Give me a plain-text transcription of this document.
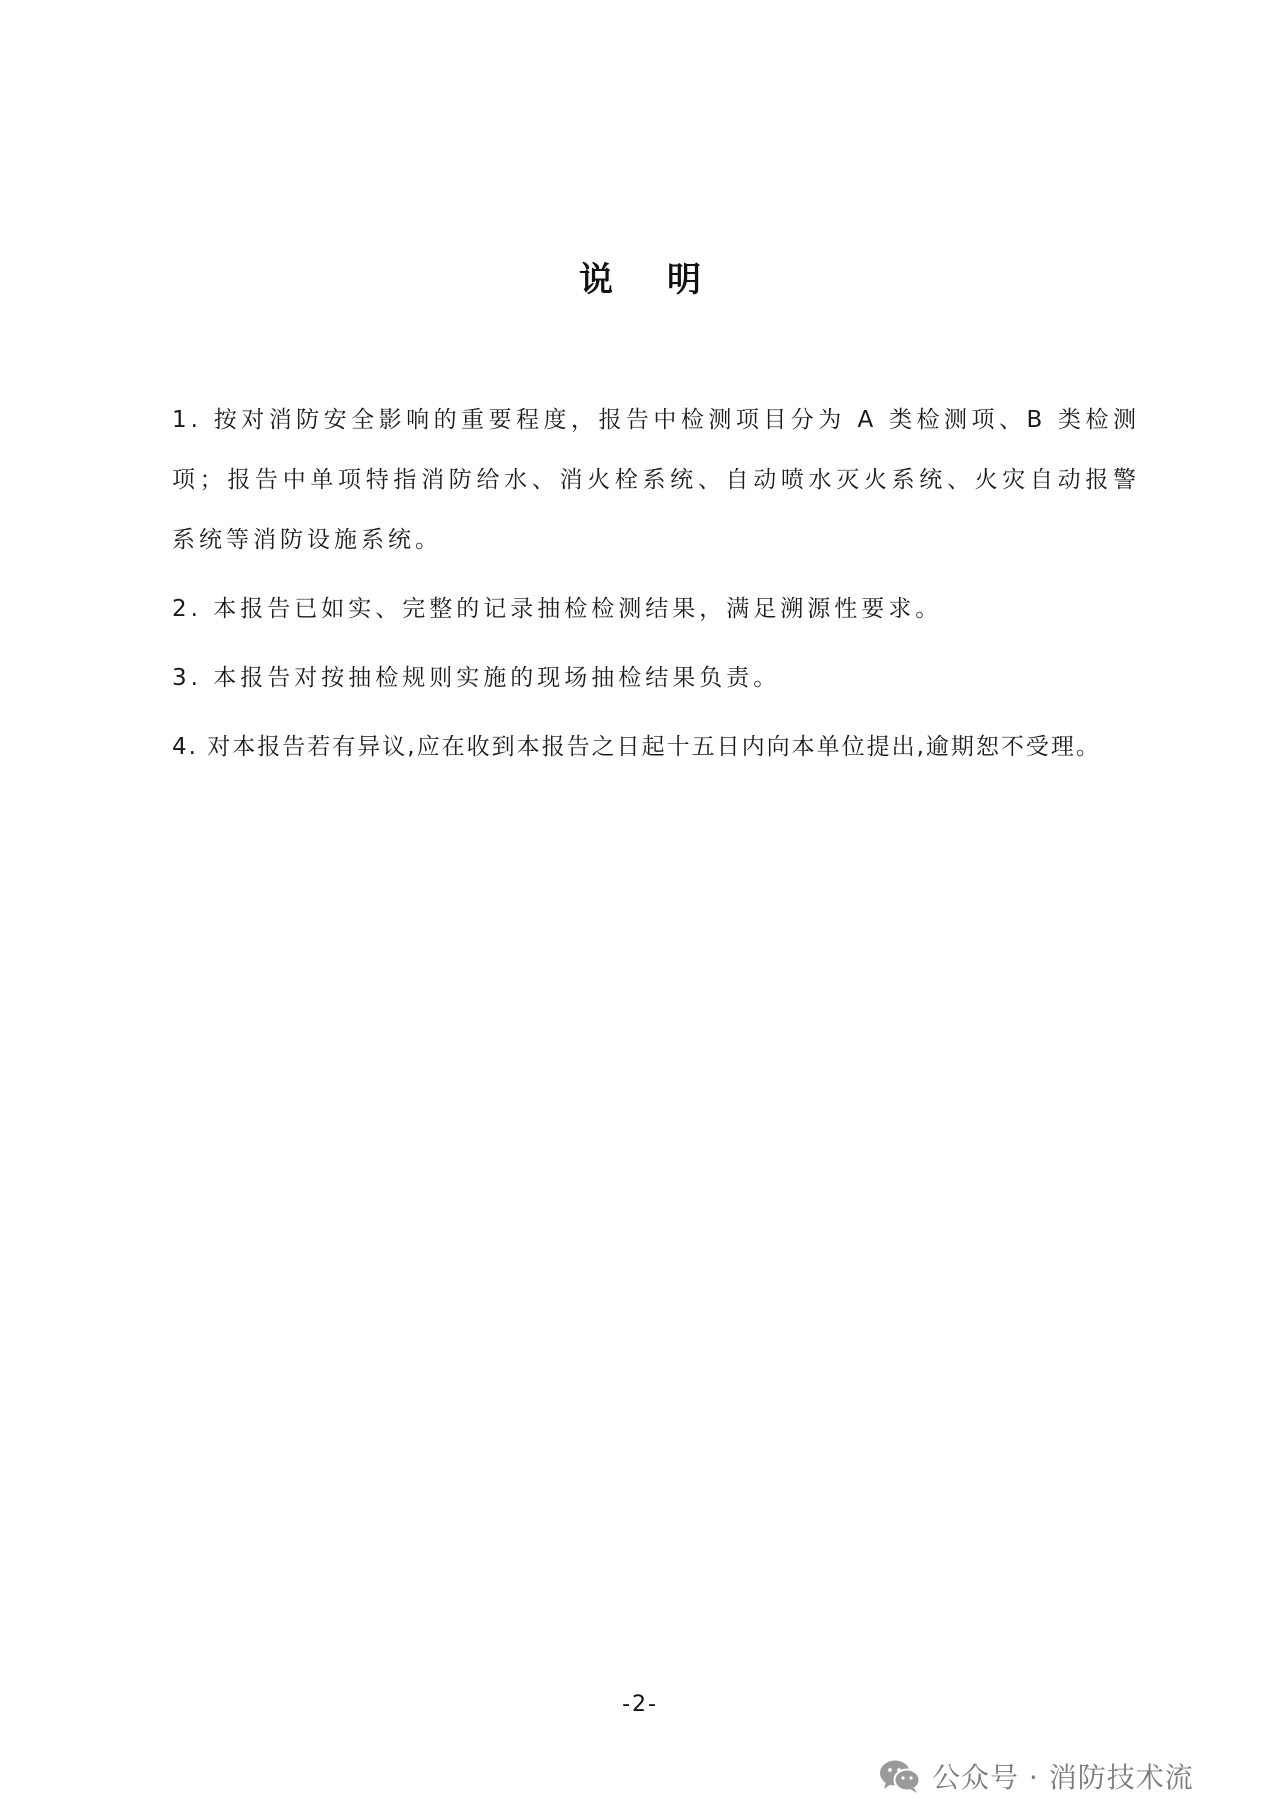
说 明

1. 按对消防安全影响的重要程度，报告中检测项目分为 A 类检测项、B 类检测项；报告中单项特指消防给水、消火栓系统、自动喷水灭火系统、火灾自动报警系统等消防设施系统。

2. 本报告已如实、完整的记录抽检检测结果，满足溯源性要求。

3. 本报告对按抽检规则实施的现场抽检结果负责。

4. 对本报告若有异议,应在收到本报告之日起十五日内向本单位提出,逾期恕不受理。

-2-
公众号 · 消防技术流
